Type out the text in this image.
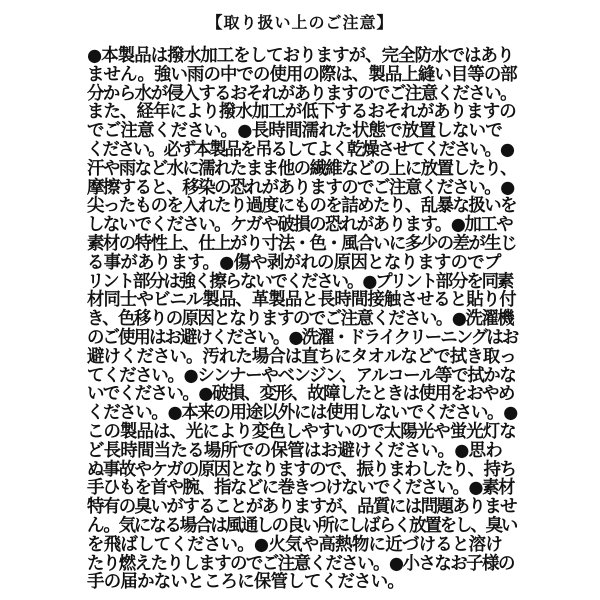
【取り扱い上のご注意】
●本製品は撥水加工をしておりますが、完全防水ではあり
ません。強い雨の中での使用の際は、製品上縫い目等の部
分から水が侵入するおそれがありますのでご注意ください。
また、経年により撥水加工が低下するおそれがありますの
でご注意ください。●長時間濡れた状態で放置しないで
ください。必ず本製品を吊るしてよく乾燥させてください。●
汗や雨など水に濡れたまま他の繊維などの上に放置したり、
摩擦すると、移染の恐れがありますのでご注意ください。●
尖ったものを入れたり過度にものを詰めたり、乱暴な扱いを
しないでください。ケガや破損の恐れがあります。●加工や
素材の特性上、仕上がり寸法・色・風合いに多少の差が生じ
る事があります。●傷や剥がれの原因となりますのでプ
リント部分は強く擦らないでください。●プリント部分を同素
材同士やビニル製品、革製品と長時間接触させると貼り付
き、色移りの原因となりますのでご注意ください。●洗濯機
のご使用はお避けください。●洗濯・ドライクリーニングはお
避けください。汚れた場合は直ちにタオルなどで拭き取っ
てください。●シンナーやベンジン、アルコール等で拭かな
いでください。●破損、変形、故障したときは使用をおやめ
ください。●本来の用途以外には使用しないでください。●
この製品は、光により変色しやすいので太陽光や蛍光灯な
ど長時間当たる場所での保管はお避けください。●思わ
ぬ事故やケガの原因となりますので、振りまわしたり、持ち
手ひもを首や腕、指などに巻きつけないでください。●素材
特有の臭いがすることがありますが、品質には問題ありませ
ん。気になる場合は風通しの良い所にしばらく放置をし、臭い
を飛ばしてください。●火気や高熱物に近づけると溶け
たり燃えたりしますのでご注意ください。●小さなお子様の
手の届かないところに保管してください。
